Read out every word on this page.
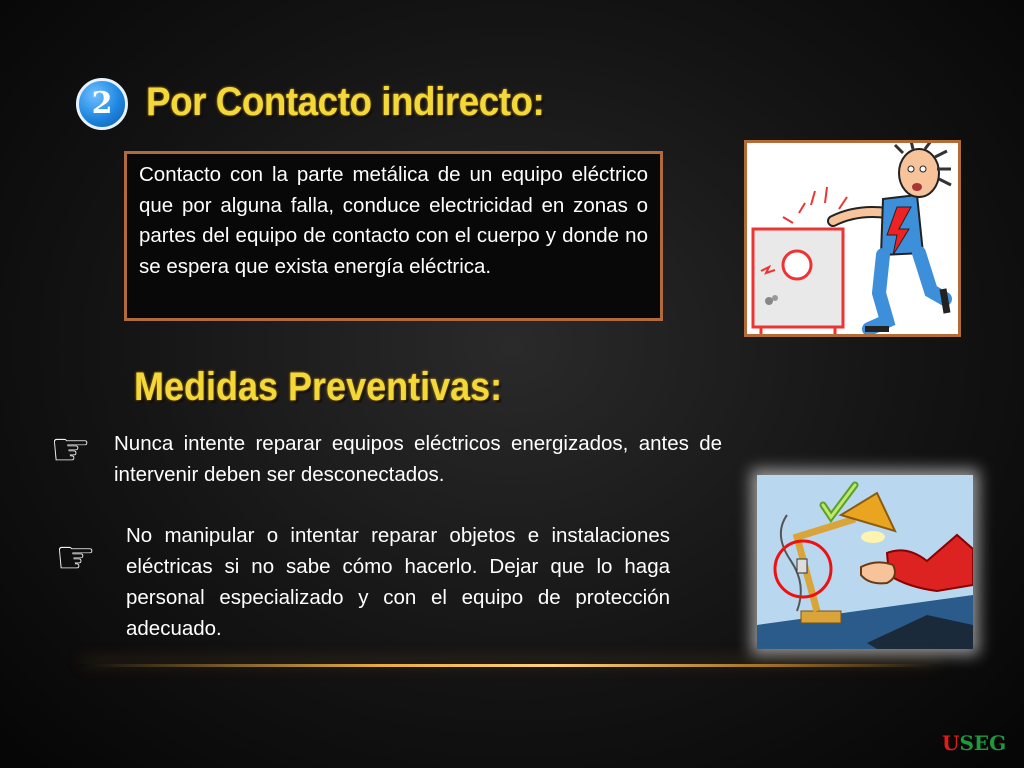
2 Por Contacto indirecto:

Contacto con la parte metálica de un equipo eléctrico que por alguna falla, conduce electricidad en zonas o partes del equipo de contacto con el cuerpo y donde no se espera que exista energía eléctrica.

Medidas Preventivas:
☞ Nunca intente reparar equipos eléctricos energizados, antes de intervenir deben ser desconectados.

☞ No manipular o intentar reparar objetos e instalaciones eléctricas si no sabe cómo hacerlo. Dejar que lo haga personal especializado y con el equipo de protección adecuado.

USEG
